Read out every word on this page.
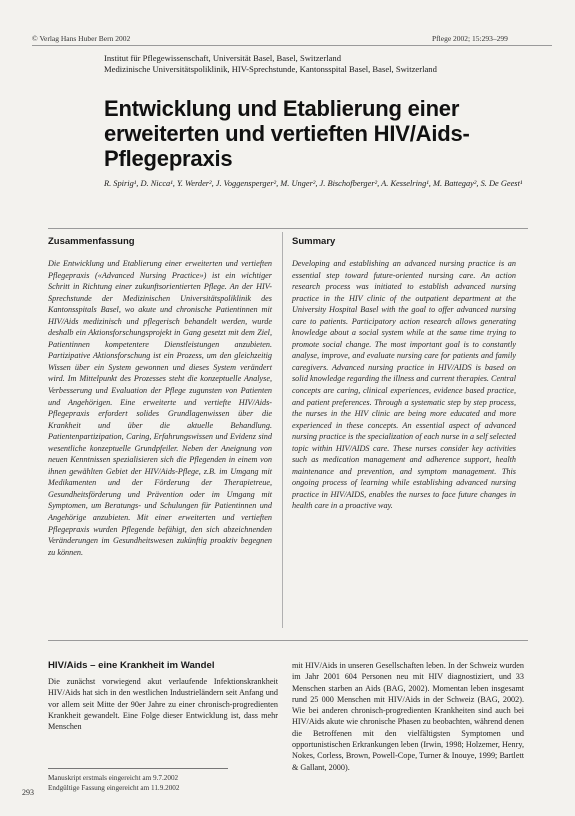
© Verlag Hans Huber Bern 2002	Pflege 2002; 15:293–299
Institut für Pflegewissenschaft, Universität Basel, Basel, Switzerland
Medizinische Universitätspoliklinik, HIV-Sprechstunde, Kantonsspital Basel, Basel, Switzerland
Entwicklung und Etablierung einer erweiterten und vertieften HIV/Aids-Pflegepraxis
R. Spirig¹, D. Nicca¹, Y. Werder², J. Voggensperger², M. Unger², J. Bischofberger², A. Kesselring¹, M. Battegay², S. De Geest¹
Zusammenfassung
Die Entwicklung und Etablierung einer erweiterten und vertieften Pflegepraxis («Advanced Nursing Practice») ist ein wichtiger Schritt in Richtung einer zukunftsorientierten Pflege. An der HIV-Sprechstunde der Medizinischen Universitätspoliklinik des Kantonsspitals Basel, wo akute und chronische Patientinnen mit HIV/Aids medizinisch und pflegerisch behandelt werden, wurde deshalb ein Aktionsforschungsprojekt in Gang gesetzt mit dem Ziel, Patientinnen kompetentere Dienstleistungen anzubieten. Partizipative Aktionsforschung ist ein Prozess, um den gleichzeitig Wissen über ein System gewonnen und dieses System verändert wird. Im Mittelpunkt des Prozesses steht die konzeptuelle Analyse, Verbesserung und Evaluation der Pflege zugunsten von Patienten und Angehörigen. Eine erweiterte und vertiefte HIV/Aids-Pflegepraxis erfordert solides Grundlagenwissen über die Krankheit und über die aktuelle Behandlung. Patientenpartizipation, Caring, Erfahrungswissen und Evidenz sind wesentliche konzeptuelle Grundpfeiler. Neben der Aneignung von neuen Kenntnissen spezialisieren sich die Pflegenden in einem von ihnen gewählten Gebiet der HIV/Aids-Pflege, z.B. im Umgang mit Medikamenten und der Förderung der Therapietreue, Gesundheitsförderung und Prävention oder im Umgang mit Symptomen, um Beratungs- und Schulungen für Patientinnen und Angehörige anzubieten. Mit einer erweiterten und vertieften Pflegepraxis wurden Pflegende befähigt, den sich abzeichnenden Veränderungen im Gesundheitswesen zukünftig proaktiv begegnen zu können.
Summary
Developing and establishing an advanced nursing practice is an essential step toward future-oriented nursing care. An action research process was initiated to establish advanced nursing practice in the HIV clinic of the outpatient department at the University Hospital Basel with the goal to offer advanced nursing care to patients. Participatory action research allows generating knowledge about a social system while at the same time trying to promote social change. The most important goal is to constantly analyse, improve, and evaluate nursing care for patients and family caregivers. Advanced nursing practice in HIV/AIDS is based on solid knowledge regarding the illness and current therapies. Central concepts are caring, clinical experiences, evidence based practice, and patient preferences. Through a systematic step by step process, the nurses in the HIV clinic are being more educated and more experienced in these concepts. An essential aspect of advanced nursing practice is the specialization of each nurse in a self selected topic within HIV/AIDS care. These nurses consider key activities such as medication management and adherence support, health maintenance and prevention, and symptom management. This ongoing process of learning while establishing advanced nursing practice in HIV/AIDS, enables the nurses to face future changes in health care in a proactive way.
HIV/Aids – eine Krankheit im Wandel
Die zunächst vorwiegend akut verlaufende Infektionskrankheit HIV/Aids hat sich in den westlichen Industrieländern seit Anfang und vor allem seit Mitte der 90er Jahre zu einer chronisch-progredienten Krankheit gewandelt. Eine Folge dieser Entwicklung ist, dass mehr Menschen
mit HIV/Aids in unseren Gesellschaften leben. In der Schweiz wurden im Jahr 2001 604 Personen neu mit HIV diagnostiziert, und 33 Menschen starben an Aids (BAG, 2002). Momentan leben insgesamt rund 25 000 Menschen mit HIV/Aids in der Schweiz (BAG, 2002). Wie bei anderen chronisch-progredienten Krankheiten sind auch bei HIV/Aids akute wie chronische Phasen zu beobachten, während denen die Betroffenen mit den vielfältigsten Symptomen und opportunistischen Erkrankungen leben (Irwin, 1998; Holzemer, Henry, Nokes, Corless, Brown, Powell-Cope, Turner & Inouye, 1999; Bartlett & Gallant, 2000).
293
Manuskript erstmals eingereicht am 9.7.2002
Endgültige Fassung eingereicht am 11.9.2002
